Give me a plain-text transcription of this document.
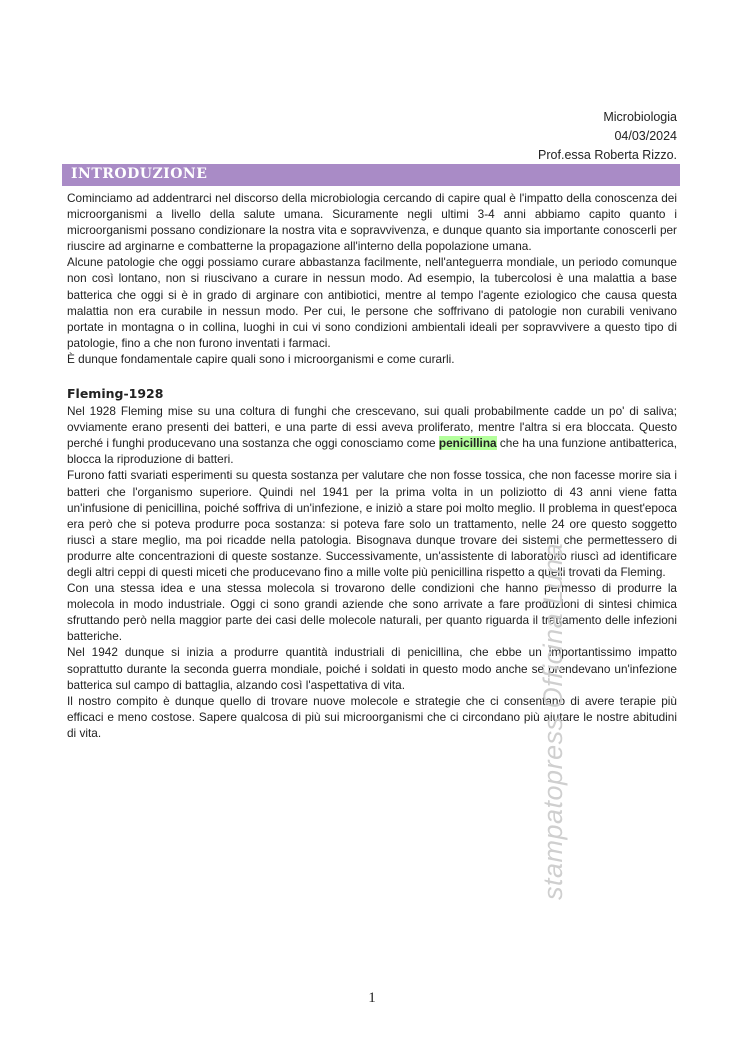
Microbiologia
04/03/2024
Prof.essa Roberta Rizzo.
INTRODUZIONE

Cominciamo ad addentrarci nel discorso della microbiologia cercando di capire qual è l'impatto della conoscenza dei microorganismi a livello della salute umana. Sicuramente negli ultimi 3-4 anni abbiamo capito quanto i microorganismi possano condizionare la nostra vita e sopravvivenza, e dunque quanto sia importante conoscerli per riuscire ad arginarne e combatterne la propagazione all'interno della popolazione umana.

Alcune patologie che oggi possiamo curare abbastanza facilmente, nell'anteguerra mondiale, un periodo comunque non così lontano, non si riuscivano a curare in nessun modo. Ad esempio, la tubercolosi è una malattia a base batterica che oggi si è in grado di arginare con antibiotici, mentre al tempo l'agente eziologico che causa questa malattia non era curabile in nessun modo. Per cui, le persone che soffrivano di patologie non curabili venivano portate in montagna o in collina, luoghi in cui vi sono condizioni ambientali ideali per sopravvivere a questo tipo di patologie, fino a che non furono inventati i farmaci.

È dunque fondamentale capire quali sono i microorganismi e come curarli.

Fleming-1928

Nel 1928 Fleming mise su una coltura di funghi che crescevano, sui quali probabilmente cadde un po' di saliva; ovviamente erano presenti dei batteri, e una parte di essi aveva proliferato, mentre l'altra si era bloccata. Questo perché i funghi producevano una sostanza che oggi conosciamo come penicillina che ha una funzione antibatterica, blocca la riproduzione di batteri.

Furono fatti svariati esperimenti su questa sostanza per valutare che non fosse tossica, che non facesse morire sia i batteri che l'organismo superiore. Quindi nel 1941 per la prima volta in un poliziotto di 43 anni viene fatta un'infusione di penicillina, poiché soffriva di un'infezione, e iniziò a stare poi molto meglio. Il problema in quest'epoca era però che si poteva produrre poca sostanza: si poteva fare solo un trattamento, nelle 24 ore questo soggetto riuscì a stare meglio, ma poi ricadde nella patologia. Bisognava dunque trovare dei sistemi che permettessero di produrre alte concentrazioni di queste sostanze. Successivamente, un'assistente di laboratorio riuscì ad identificare degli altri ceppi di questi miceti che producevano fino a mille volte più penicillina rispetto a quelli trovati da Fleming.

Con una stessa idea e una stessa molecola si trovarono delle condizioni che hanno permesso di produrre la molecola in modo industriale. Oggi ci sono grandi aziende che sono arrivate a fare produzioni di sintesi chimica sfruttando però nella maggior parte dei casi delle molecole naturali, per quanto riguarda il trattamento delle infezioni batteriche.

Nel 1942 dunque si inizia a produrre quantità industriali di penicillina, che ebbe un importantissimo impatto soprattutto durante la seconda guerra mondiale, poiché i soldati in questo modo anche se prendevano un'infezione batterica sul campo di battaglia, alzando così l'aspettativa di vita.

Il nostro compito è dunque quello di trovare nuove molecole e strategie che ci consentano di avere terapie più efficaci e meno costose. Sapere qualcosa di più sui microorganismi che ci circondano più aiutare le nostre abitudini di vita.	stampatopress Officina Luna
1
